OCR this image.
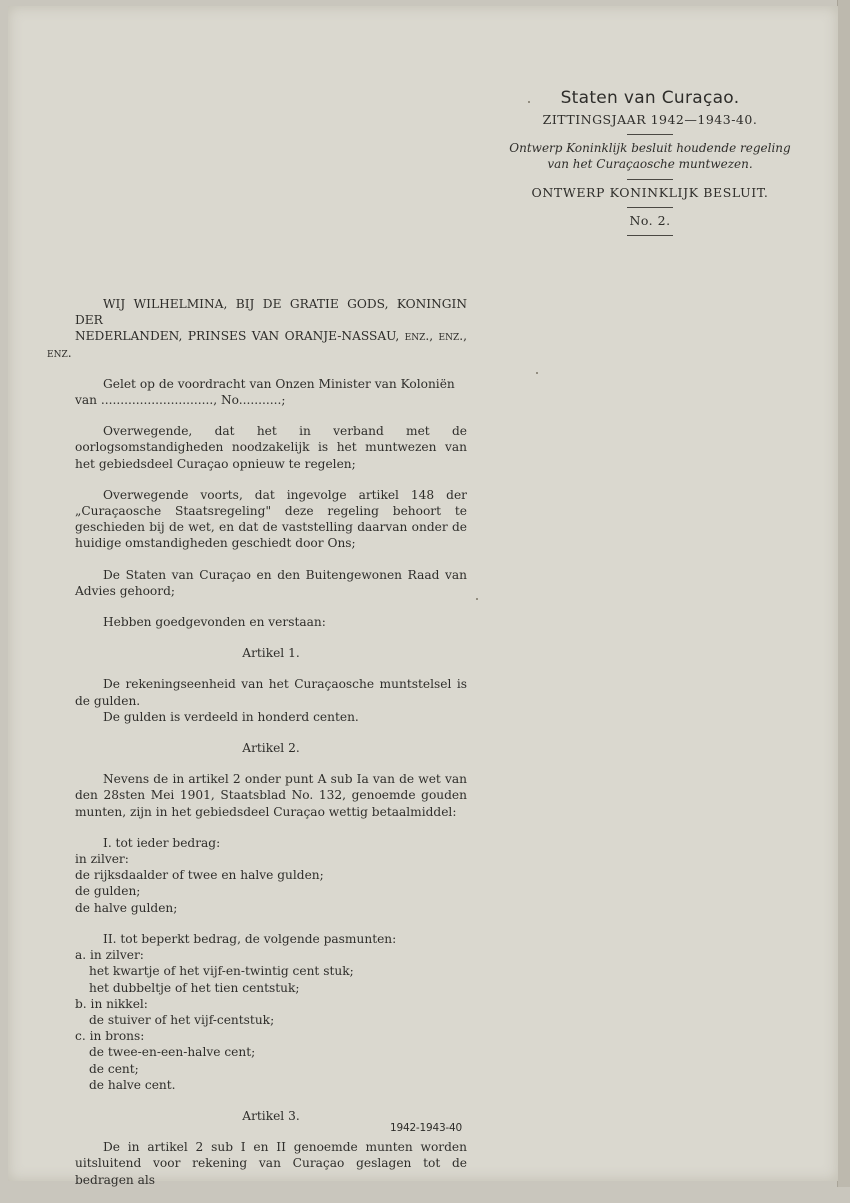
Staten van Curaçao.
ZITTINGSJAAR 1942—1943-40.
Ontwerp Koninklijk besluit houdende regeling
van het Curaçaosche muntwezen.
ONTWERP KONINKLIJK BESLUIT.
No. 2.

WIJ WILHELMINA, BIJ DE GRATIE GODS, KONINGIN DER
NEDERLANDEN, PRINSES VAN ORANJE-NASSAU, enz., enz., enz.

Gelet op de voordracht van Onzen Minister van Koloniën
van ............................., No...........;

Overwegende, dat het in verband met de oorlogsomstandigheden noodzakelijk is het muntwezen van het gebiedsdeel Curaçao opnieuw te regelen;

Overwegende voorts, dat ingevolge artikel 148 der „Curaçaosche Staatsregeling" deze regeling behoort te geschieden bij de wet, en dat de vaststelling daarvan onder de huidige omstandigheden geschiedt door Ons;

De Staten van Curaçao en den Buitengewonen Raad van Advies gehoord;

Hebben goedgevonden en verstaan:

Artikel 1.

De rekeningseenheid van het Curaçaosche muntstelsel is de gulden.

De gulden is verdeeld in honderd centen.

Artikel 2.

Nevens de in artikel 2 onder punt A sub Ia van de wet van den 28sten Mei 1901, Staatsblad No. 132, genoemde gouden munten, zijn in het gebiedsdeel Curaçao wettig betaalmiddel:

I. tot ieder bedrag:
in zilver:
de rijksdaalder of twee en halve gulden;
de gulden;
de halve gulden;
II. tot beperkt bedrag, de volgende pasmunten:
a. in zilver:
het kwartje of het vijf-en-twintig cent stuk;
het dubbeltje of het tien centstuk;
b. in nikkel:
de stuiver of het vijf-centstuk;
c. in brons:
de twee-en-een-halve cent;
de cent;
de halve cent.
Artikel 3.

De in artikel 2 sub I en II genoemde munten worden uitsluitend voor rekening van Curaçao geslagen tot de bedragen als

1942-1943-40
